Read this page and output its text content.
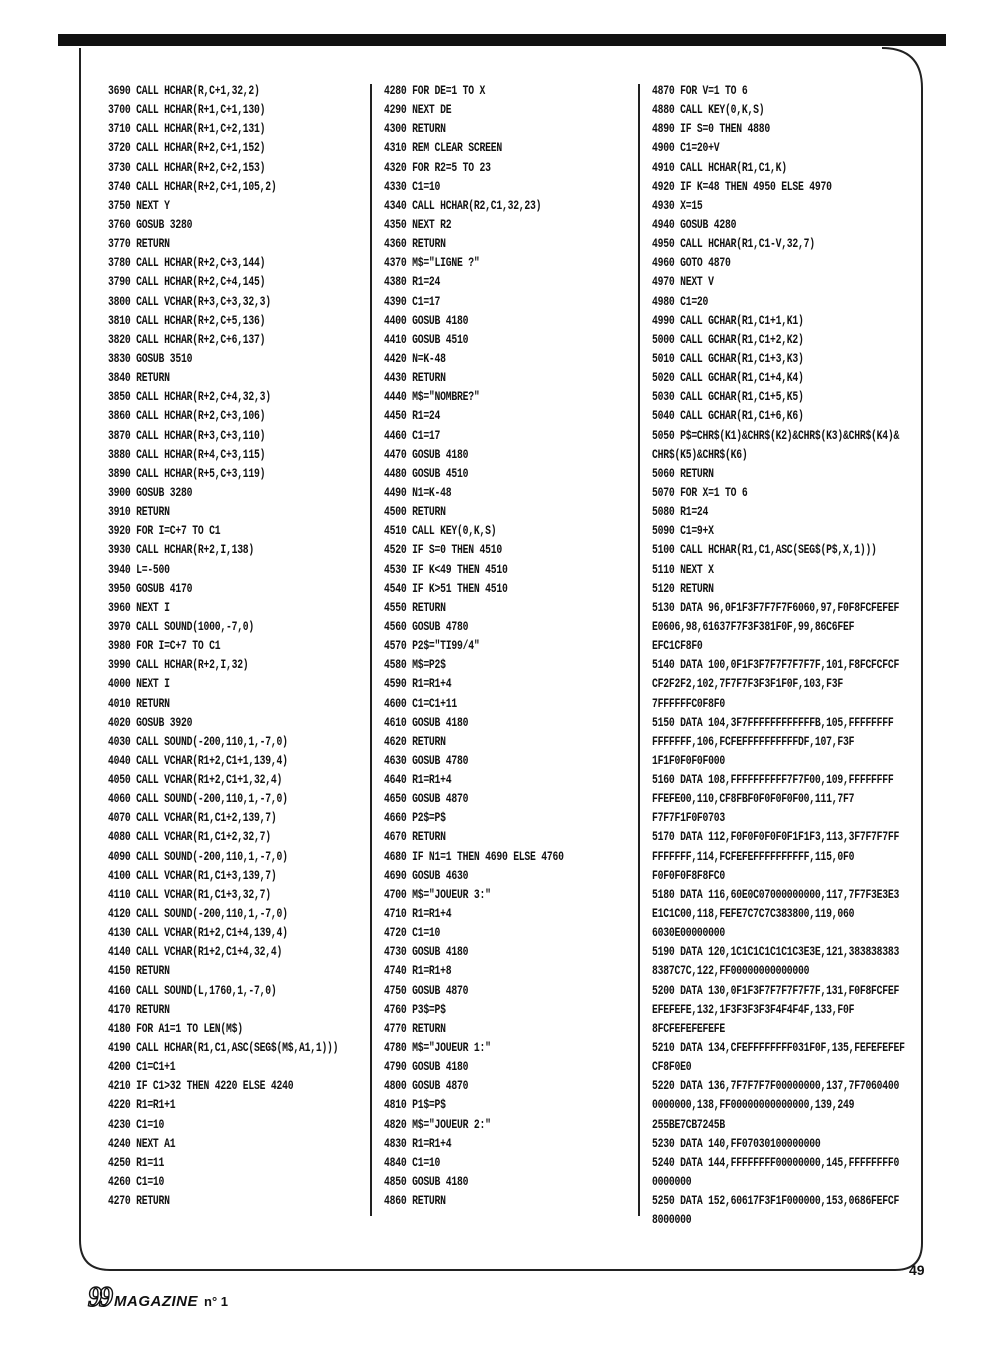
3690 CALL HCHAR(R,C+1,32,2)
3700 CALL HCHAR(R+1,C+1,130)
3710 CALL HCHAR(R+1,C+2,131)
3720 CALL HCHAR(R+2,C+1,152)
3730 CALL HCHAR(R+2,C+2,153)
3740 CALL HCHAR(R+2,C+1,105,2)
3750 NEXT Y
3760 GOSUB 3280
3770 RETURN
3780 CALL HCHAR(R+2,C+3,144)
3790 CALL HCHAR(R+2,C+4,145)
3800 CALL VCHAR(R+3,C+3,32,3)
3810 CALL HCHAR(R+2,C+5,136)
3820 CALL HCHAR(R+2,C+6,137)
3830 GOSUB 3510
3840 RETURN
3850 CALL HCHAR(R+2,C+4,32,3)
3860 CALL HCHAR(R+2,C+3,106)
3870 CALL HCHAR(R+3,C+3,110)
3880 CALL HCHAR(R+4,C+3,115)
3890 CALL HCHAR(R+5,C+3,119)
3900 GOSUB 3280
3910 RETURN
3920 FOR I=C+7 TO C1
3930 CALL HCHAR(R+2,I,138)
3940 L=-500
3950 GOSUB 4170
3960 NEXT I
3970 CALL SOUND(1000,-7,0)
3980 FOR I=C+7 TO C1
3990 CALL HCHAR(R+2,I,32)
4000 NEXT I
4010 RETURN
4020 GOSUB 3920
4030 CALL SOUND(-200,110,1,-7,0)
4040 CALL VCHAR(R1+2,C1+1,139,4)
4050 CALL VCHAR(R1+2,C1+1,32,4)
4060 CALL SOUND(-200,110,1,-7,0)
4070 CALL VCHAR(R1,C1+2,139,7)
4080 CALL VCHAR(R1,C1+2,32,7)
4090 CALL SOUND(-200,110,1,-7,0)
4100 CALL VCHAR(R1,C1+3,139,7)
4110 CALL VCHAR(R1,C1+3,32,7)
4120 CALL SOUND(-200,110,1,-7,0)
4130 CALL VCHAR(R1+2,C1+4,139,4)
4140 CALL VCHAR(R1+2,C1+4,32,4)
4150 RETURN
4160 CALL SOUND(L,1760,1,-7,0)
4170 RETURN
4180 FOR A1=1 TO LEN(M$)
4190 CALL HCHAR(R1,C1,ASC(SEG$(M$,A1,1)))
4200 C1=C1+1
4210 IF C1>32 THEN 4220 ELSE 4240
4220 R1=R1+1
4230 C1=10
4240 NEXT A1
4250 R1=11
4260 C1=10
4270 RETURN
4280 FOR DE=1 TO X
4290 NEXT DE
4300 RETURN
4310 REM CLEAR SCREEN
4320 FOR R2=5 TO 23
4330 C1=10
4340 CALL HCHAR(R2,C1,32,23)
4350 NEXT R2
4360 RETURN
4370 M$="LIGNE ?"
4380 R1=24
4390 C1=17
4400 GOSUB 4180
4410 GOSUB 4510
4420 N=K-48
4430 RETURN
4440 M$="NOMBRE?"
4450 R1=24
4460 C1=17
4470 GOSUB 4180
4480 GOSUB 4510
4490 N1=K-48
4500 RETURN
4510 CALL KEY(0,K,S)
4520 IF S=0 THEN 4510
4530 IF K<49 THEN 4510
4540 IF K>51 THEN 4510
4550 RETURN
4560 GOSUB 4780
4570 P2$="TI99/4"
4580 M$=P2$
4590 R1=R1+4
4600 C1=C1+11
4610 GOSUB 4180
4620 RETURN
4630 GOSUB 4780
4640 R1=R1+4
4650 GOSUB 4870
4660 P2$=P$
4670 RETURN
4680 IF N1=1 THEN 4690 ELSE 4760
4690 GOSUB 4630
4700 M$="JOUEUR 3:"
4710 R1=R1+4
4720 C1=10
4730 GOSUB 4180
4740 R1=R1+8
4750 GOSUB 4870
4760 P3$=P$
4770 RETURN
4780 M$="JOUEUR 1:"
4790 GOSUB 4180
4800 GOSUB 4870
4810 P1$=P$
4820 M$="JOUEUR 2:"
4830 R1=R1+4
4840 C1=10
4850 GOSUB 4180
4860 RETURN
4870 FOR V=1 TO 6
4880 CALL KEY(0,K,S)
4890 IF S=0 THEN 4880
4900 C1=20+V
4910 CALL HCHAR(R1,C1,K)
4920 IF K=48 THEN 4950 ELSE 4970
4930 X=15
4940 GOSUB 4280
4950 CALL HCHAR(R1,C1-V,32,7)
4960 GOTO 4870
4970 NEXT V
4980 C1=20
4990 CALL GCHAR(R1,C1+1,K1)
5000 CALL GCHAR(R1,C1+2,K2)
5010 CALL GCHAR(R1,C1+3,K3)
5020 CALL GCHAR(R1,C1+4,K4)
5030 CALL GCHAR(R1,C1+5,K5)
5040 CALL GCHAR(R1,C1+6,K6)
5050 P$=CHR$(K1)&CHR$(K2)&CHR$(K3)&CHR$(K4)&
CHR$(K5)&CHR$(K6)
5060 RETURN
5070 FOR X=1 TO 6
5080 R1=24
5090 C1=9+X
5100 CALL HCHAR(R1,C1,ASC(SEG$(P$,X,1)))
5110 NEXT X
5120 RETURN
5130 DATA 96,0F1F3F7F7F7F6060,97,F0F8FCFEFEF
E0606,98,61637F7F3F381F0F,99,86C6FEF
EFC1CF8F0
5140 DATA 100,0F1F3F7F7F7F7F7F,101,F8FCFCFCF
CF2F2F2,102,7F7F7F3F3F1F0F,103,F3F
7FFFFFFC0F8F0
5150 DATA 104,3F7FFFFFFFFFFFFB,105,FFFFFFFF
FFFFFFF,106,FCFEFFFFFFFFFFDF,107,F3F
1F1F0F0F0F000
5160 DATA 108,FFFFFFFFFF7F7F00,109,FFFFFFFF
FFEFE00,110,CF8FBF0F0F0F0F00,111,7F7
F7F7F1F0F0703
5170 DATA 112,F0F0F0F0F0F1F1F3,113,3F7F7F7FF
FFFFFFF,114,FCFEFEFFFFFFFFFF,115,0F0
F0F0F0F8F8FC0
5180 DATA 116,60E0C07000000000,117,7F7F3E3E3
E1C1C00,118,FEFE7C7C7C383800,119,060
6030E00000000
5190 DATA 120,1C1C1C1C1C1C3E3E,121,383838383
8387C7C,122,FF00000000000000
5200 DATA 130,0F1F3F7F7F7F7F7F,131,F0F8FCFEF
EFEFEFE,132,1F3F3F3F3F4F4F4F,133,F0F
8FCFEFEFEFEFE
5210 DATA 134,CFEFFFFFFFF031F0F,135,FEFEFEFEF
CF8F0E0
5220 DATA 136,7F7F7F7F00000000,137,7F7060400
0000000,138,FF00000000000000,139,249
255BE7CB7245B
5230 DATA 140,FF07030100000000
5240 DATA 144,FFFFFFFF00000000,145,FFFFFFFF0
0000000
5250 DATA 152,60617F3F1F000000,153,0686FEFCF
8000000
49
99 MAGAZINE n° 1
